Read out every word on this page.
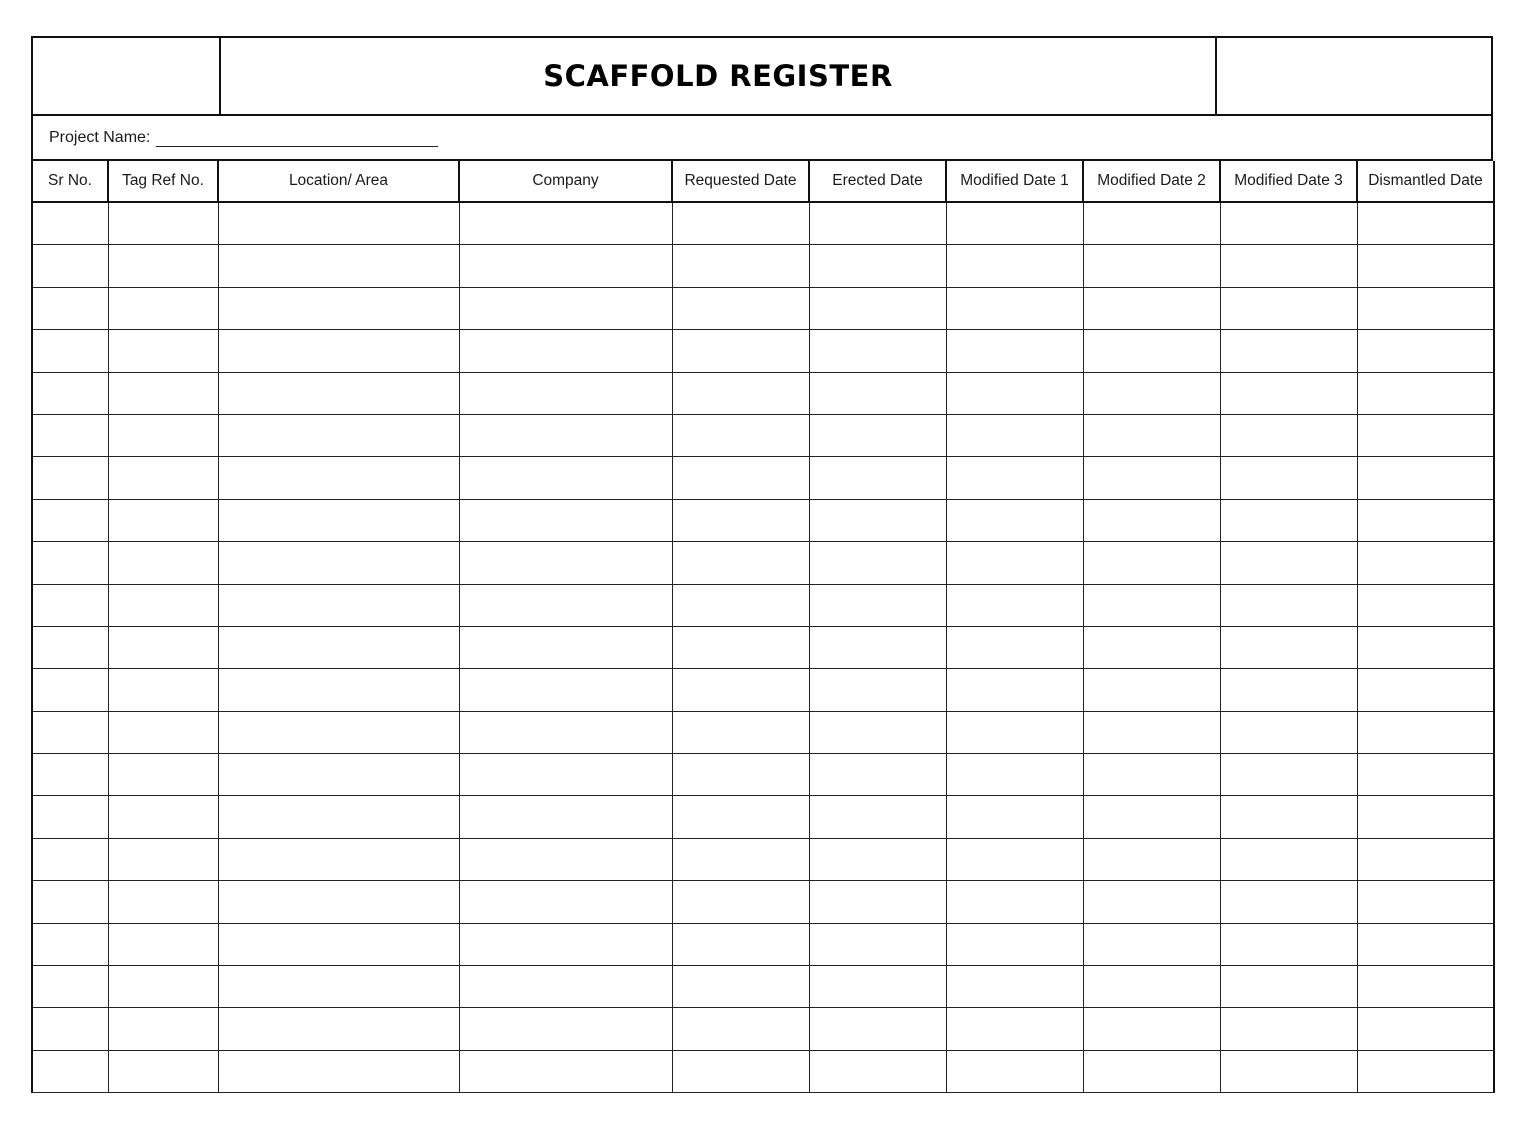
SCAFFOLD REGISTER
Project Name:
Sr No.	Tag Ref No.	Location/ Area	Company	Requested Date	Erected Date	Modified Date 1	Modified Date 2	Modified Date 3	Dismantled Date
